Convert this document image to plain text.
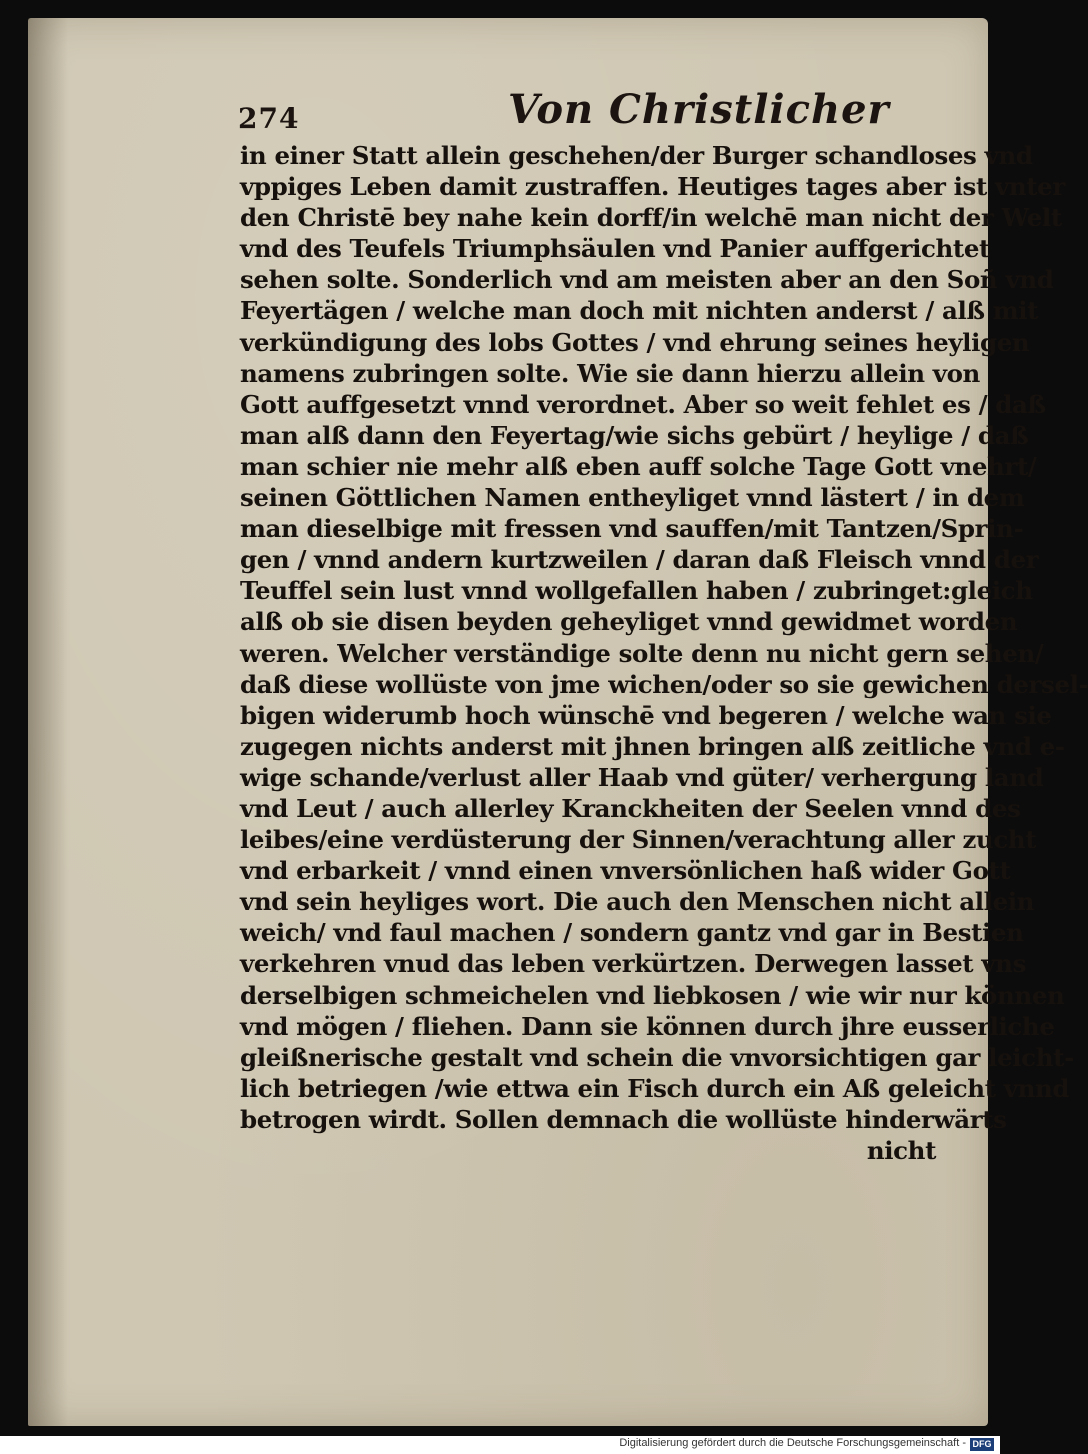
274	Von Christlicher
in einer Statt allein geschehen/der Burger schandloses vnd
vppiges Leben damit zustraffen. Heutiges tages aber ist vnter
den Christē bey nahe kein dorff/in welchē man nicht der Welt
vnd des Teufels Triumphsäulen vnd Panier auffgerichtet
sehen solte. Sonderlich vnd am meisten aber an den Soñ vnd
Feyertägen / welche man doch mit nichten anderst / alß mit
verkündigung des lobs Gottes / vnd ehrung seines heyligen
namens zubringen solte. Wie sie dann hierzu allein von
Gott auffgesetzt vnnd verordnet. Aber so weit fehlet es / daß
man alß dann den Feyertag/wie sichs gebürt / heylige / daß
man schier nie mehr alß eben auff solche Tage Gott vnehrt/
seinen Göttlichen Namen entheyliget vnnd lästert / in dem
man dieselbige mit fressen vnd sauffen/mit Tantzen/Sprin-
gen / vnnd andern kurtzweilen / daran daß Fleisch vnnd der
Teuffel sein lust vnnd wollgefallen haben / zubringet:gleich
alß ob sie disen beyden geheyliget vnnd gewidmet worden
weren. Welcher verständige solte denn nu nicht gern sehen/
daß diese wollüste von jme wichen/oder so sie gewichen dersel-
bigen widerumb hoch wünschē vnd begeren / welche wan sie
zugegen nichts anderst mit jhnen bringen alß zeitliche vnd e-
wige schande/verlust aller Haab vnd güter/ verhergung land
vnd Leut / auch allerley Kranckheiten der Seelen vnnd des
leibes/eine verdüsterung der Sinnen/verachtung aller zucht
vnd erbarkeit / vnnd einen vnversönlichen haß wider Gott
vnd sein heyliges wort. Die auch den Menschen nicht allein
weich/ vnd faul machen / sondern gantz vnd gar in Bestien
verkehren vnud das leben verkürtzen. Derwegen lasset vns
derselbigen schmeichelen vnd liebkosen / wie wir nur können
vnd mögen / fliehen. Dann sie können durch jhre eusserliche
gleißnerische gestalt vnd schein die vnvorsichtigen gar leicht-
lich betriegen /wie ettwa ein Fisch durch ein Aß geleicht vnnd
betrogen wirdt. Sollen demnach die wollüste hinderwärts
nicht
Digitalisierung gefördert durch die Deutsche Forschungsgemeinschaft - DFG
